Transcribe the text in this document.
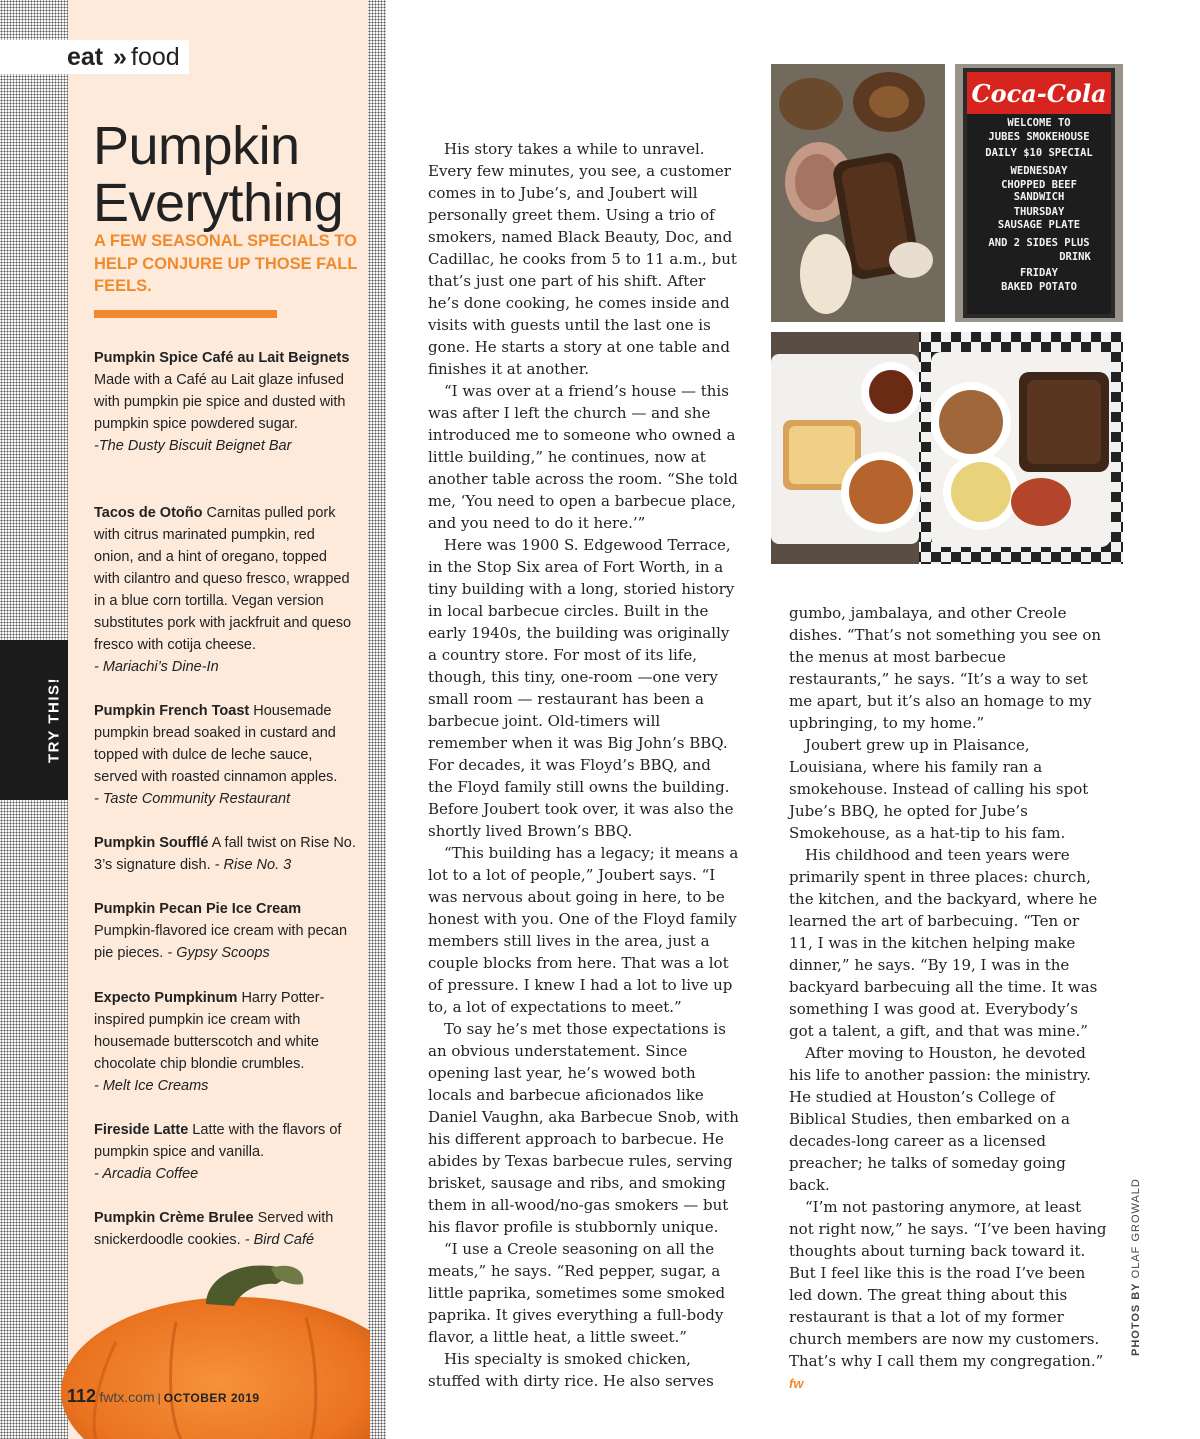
eat » food
Pumpkin
Everything

A FEW SEASONAL SPECIALS TO HELP CONJURE UP THOSE FALL FEELS.

Pumpkin Spice Café au Lait Beignets Made with a Café au Lait glaze infused with pumpkin pie spice and dusted with pumpkin spice powdered sugar.
-The Dusty Biscuit Beignet Bar

Tacos de Otoño Carnitas pulled pork with citrus marinated pumpkin, red onion, and a hint of oregano, topped with cilantro and queso fresco, wrapped in a blue corn tortilla. Vegan version substitutes pork with jackfruit and queso fresco with cotija cheese.
- Mariachi’s Dine-In

Pumpkin French Toast Housemade pumpkin bread soaked in custard and topped with dulce de leche sauce, served with roasted cinnamon apples.
- Taste Community Restaurant

Pumpkin Soufflé A fall twist on Rise No. 3’s signature dish. - Rise No. 3

Pumpkin Pecan Pie Ice Cream Pumpkin-flavored ice cream with pecan pie pieces. - Gypsy Scoops

Expecto Pumpkinum Harry Potter-inspired pumpkin ice cream with housemade butterscotch and white chocolate chip blondie crumbles.
- Melt Ice Creams

Fireside Latte Latte with the flavors of pumpkin spice and vanilla.
- Arcadia Coffee

Pumpkin Crème Brulee Served with snickerdoodle cookies. - Bird Café

TRY THIS!
112 fwtx.com | OCTOBER 2019

His story takes a while to unravel. Every few minutes, you see, a customer comes in to Jube’s, and Joubert will personally greet them. Using a trio of smokers, named Black Beauty, Doc, and Cadillac, he cooks from 5 to 11 a.m., but that’s just one part of his shift. After he’s done cooking, he comes inside and visits with guests until the last one is gone. He starts a story at one table and finishes it at another.

“I was over at a friend’s house — this was after I left the church — and she introduced me to someone who owned a little building,” he continues, now at another table across the room. “She told me, ‘You need to open a barbecue place, and you need to do it here.’”

Here was 1900 S. Edgewood Terrace, in the Stop Six area of Fort Worth, in a tiny building with a long, storied history in local barbecue circles. Built in the early 1940s, the building was originally a country store. For most of its life, though, this tiny, one-room —one very small room — restaurant has been a barbecue joint. Old-timers will remember when it was Big John’s BBQ. For decades, it was Floyd’s BBQ, and the Floyd family still owns the building. Before Joubert took over, it was also the shortly lived Brown’s BBQ.

“This building has a legacy; it means a lot to a lot of people,” Joubert says. “I was nervous about going in here, to be honest with you. One of the Floyd family members still lives in the area, just a couple blocks from here. That was a lot of pressure. I knew I had a lot to live up to, a lot of expectations to meet.”

To say he’s met those expectations is an obvious understatement. Since opening last year, he’s wowed both locals and barbecue aficionados like Daniel Vaughn, aka Barbecue Snob, with his different approach to barbecue. He abides by Texas barbecue rules, serving brisket, sausage and ribs, and smoking them in all-wood/no-gas smokers — but his flavor profile is stubbornly unique.

“I use a Creole seasoning on all the meats,” he says. “Red pepper, sugar, a little paprika, sometimes some smoked paprika. It gives everything a full-body flavor, a little heat, a little sweet.”

His specialty is smoked chicken, stuffed with dirty rice. He also serves

gumbo, jambalaya, and other Creole dishes. “That’s not something you see on the menus at most barbecue restaurants,” he says. “It’s a way to set me apart, but it’s also an homage to my upbringing, to my home.”

Joubert grew up in Plaisance, Louisiana, where his family ran a smokehouse. Instead of calling his spot Jube’s BBQ, he opted for Jube’s Smokehouse, as a hat-tip to his fam.

His childhood and teen years were primarily spent in three places: church, the kitchen, and the backyard, where he learned the art of barbecuing. “Ten or 11, I was in the kitchen helping make dinner,” he says. “By 19, I was in the backyard barbecuing all the time. It was something I was good at. Everybody’s got a talent, a gift, and that was mine.”

After moving to Houston, he devoted his life to another passion: the ministry. He studied at Houston’s College of Biblical Studies, then embarked on a decades-long career as a licensed preacher; he talks of someday going back.

“I’m not pastoring anymore, at least not right now,” he says. “I’ve been having thoughts about turning back toward it. But I feel like this is the road I’ve been led down. The great thing about this restaurant is that a lot of my former church members are now my customers. That’s why I call them my congregation.” fw

Coca-Cola
WELCOME TO
JUBES SMOKEHOUSE
DAILY $10 SPECIAL
WEDNESDAY
CHOPPED BEEF
SANDWICH
THURSDAY
SAUSAGE PLATE
AND 2 SIDES PLUS
DRINK
FRIDAY
BAKED POTATO
PHOTOS BY OLAF GROWALD
